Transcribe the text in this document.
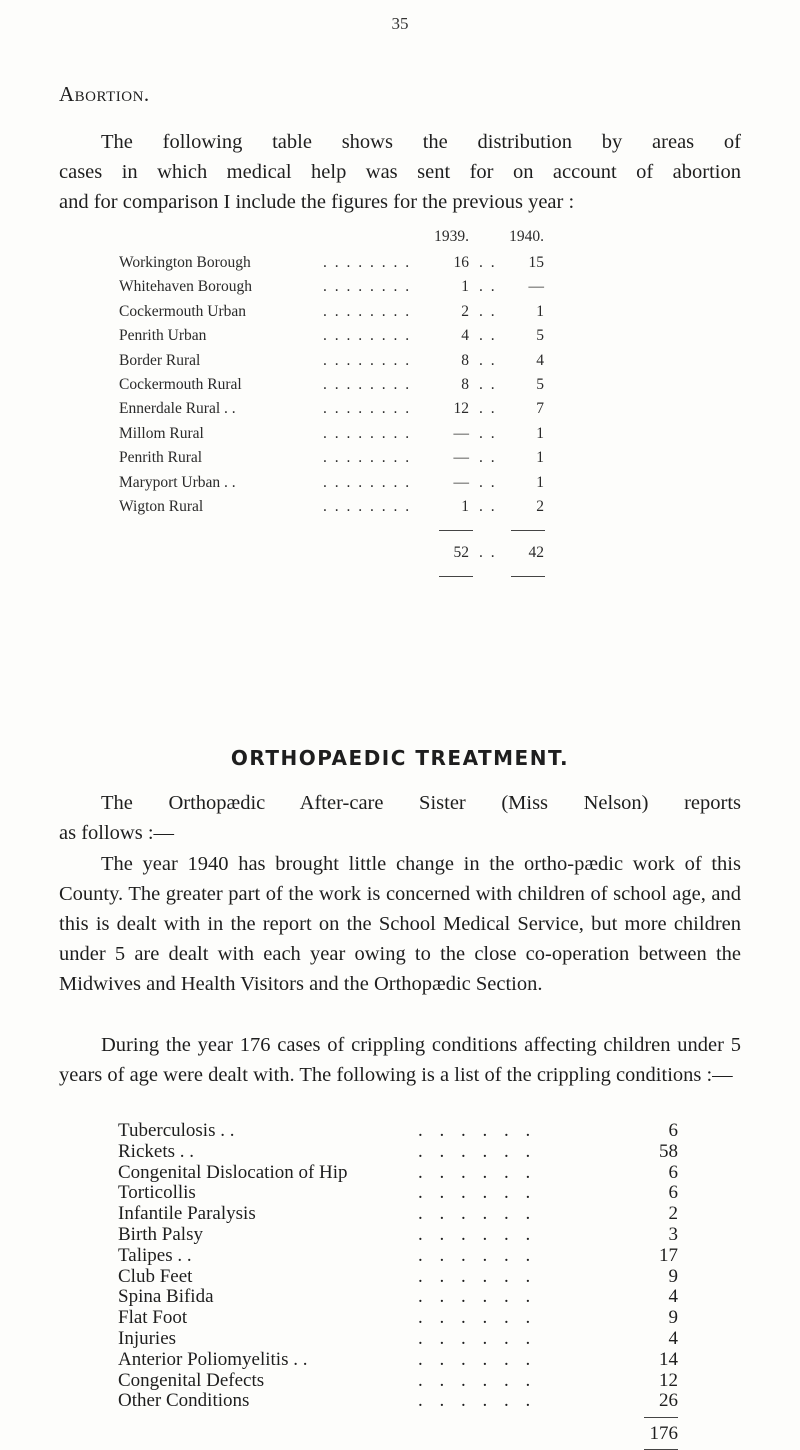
35
Abortion.
The following table shows the distribution by areas of
cases in which medical help was sent for on account of abortion
and for comparison I include the figures for the previous year :
1939.	1940.
Workington Borough	. . . . . . . .	16 . .	15
Whitehaven Borough	. . . . . . . .	1 . .	—
Cockermouth Urban	. . . . . . . .	2 . .	1
Penrith Urban	. . . . . . . .	4 . .	5
Border Rural	. . . . . . . .	8 . .	4
Cockermouth Rural	. . . . . . . .	8 . .	5
Ennerdale Rural . .	. . . . . . . .	12 . .	7
Millom Rural	. . . . . . . .	— . .	1
Penrith Rural	. . . . . . . .	— . .	1
Maryport Urban . .	. . . . . . . .	— . .	1
Wigton Rural	. . . . . . . .	1 . .	2
52 . .	42
ORTHOPAEDIC TREATMENT.
The Orthopædic After-care Sister (Miss Nelson) reports
as follows :—
The year 1940 has brought little change in the ortho-pædic work of this County. The greater part of the work is concerned with children of school age, and this is dealt with in the report on the School Medical Service, but more children under 5 are dealt with each year owing to the close co-operation between the Midwives and Health Visitors and the Orthopædic Section.
During the year 176 cases of crippling conditions affecting children under 5 years of age were dealt with. The following is a list of the crippling conditions :—
Tuberculosis . .	. . . . . .	6
Rickets . .	. . . . . .	58
Congenital Dislocation of Hip	. . . . . .	6
Torticollis	. . . . . .	6
Infantile Paralysis	. . . . . .	2
Birth Palsy	. . . . . .	3
Talipes . .	. . . . . .	17
Club Feet	. . . . . .	9
Spina Bifida	. . . . . .	4
Flat Foot	. . . . . .	9
Injuries	. . . . . .	4
Anterior Poliomyelitis . .	. . . . . .	14
Congenital Defects	. . . . . .	12
Other Conditions	. . . . . .	26
176
